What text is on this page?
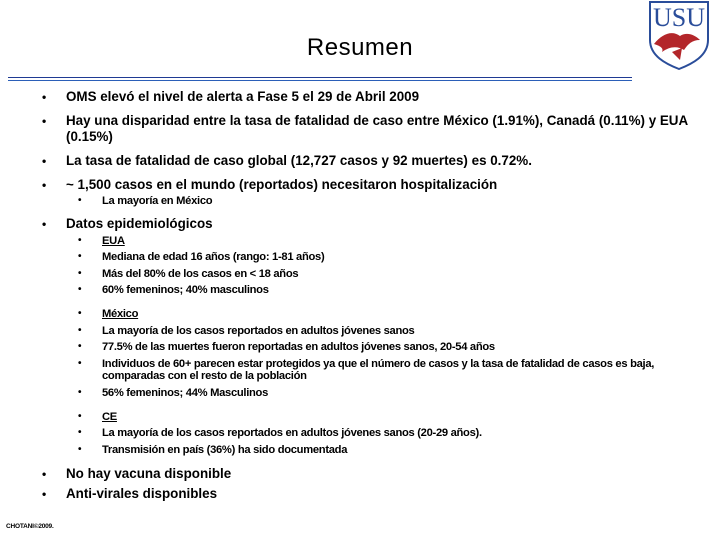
Resumen
USU
• OMS elevó el nivel de alerta a Fase 5 el 29 de Abril 2009
• Hay una disparidad entre la tasa de fatalidad de caso entre México (1.91%), Canadá (0.11%) y EUA (0.15%)
• La tasa de fatalidad de caso global (12,727 casos y 92 muertes) es 0.72%.
• ~ 1,500 casos en el mundo (reportados) necesitaron hospitalización
• La mayoría en México
• Datos epidemiológicos
• EUA
• Mediana de edad 16 años (rango: 1-81 años)
• Más del 80% de los casos en < 18 años
• 60% femeninos; 40% masculinos
• México
• La mayoría de los casos reportados en adultos jóvenes sanos
• 77.5% de las muertes fueron reportadas en adultos jóvenes sanos, 20-54 años
• Individuos de 60+ parecen estar protegidos ya que el número de casos y la tasa de fatalidad de casos es baja, comparadas con el resto de la población
• 56% femeninos; 44% Masculinos
• CE
• La mayoría de los casos reportados en adultos jóvenes sanos (20-29 años).
• Transmisión en país (36%) ha sido documentada
• No hay vacuna disponible
• Anti-virales disponibles
CHOTANI©2009.
